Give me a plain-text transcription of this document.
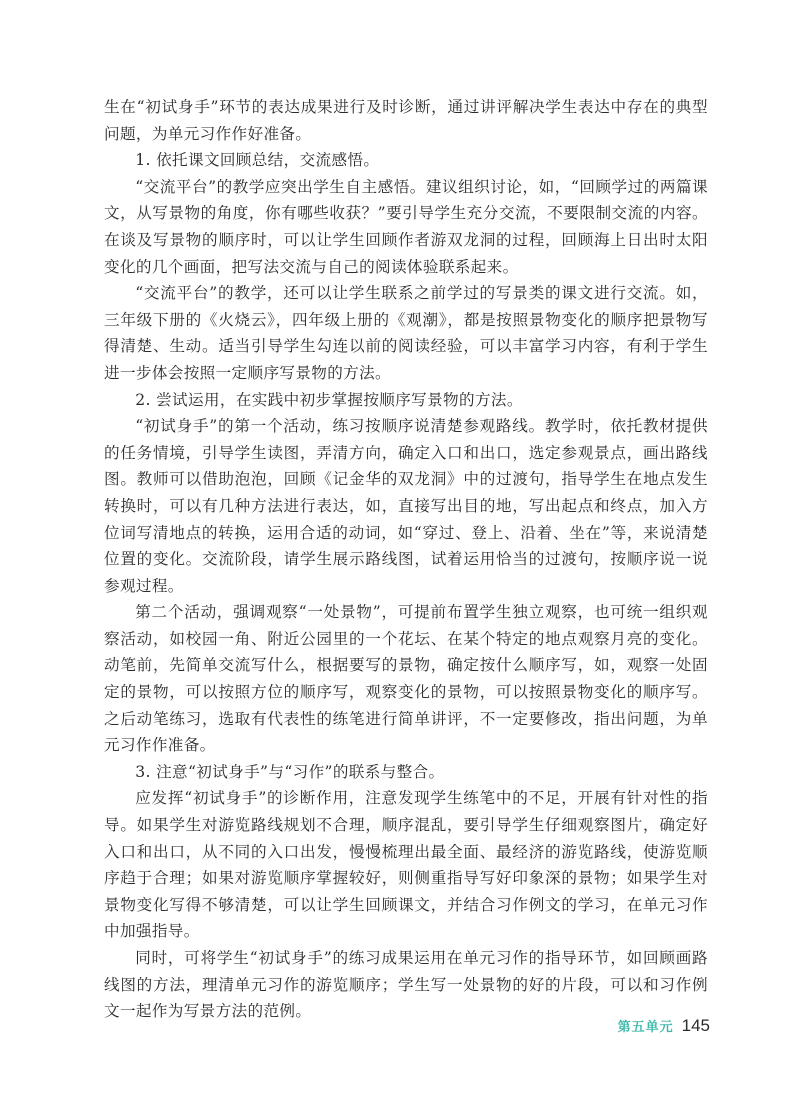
生在“初试身手”环节的表达成果进行及时诊断，通过讲评解决学生表达中存在的典型问题，为单元习作作好准备。

1. 依托课文回顾总结，交流感悟。

“交流平台”的教学应突出学生自主感悟。建议组织讨论，如，“回顾学过的两篇课文，从写景物的角度，你有哪些收获？”要引导学生充分交流，不要限制交流的内容。在谈及写景物的顺序时，可以让学生回顾作者游双龙洞的过程，回顾海上日出时太阳变化的几个画面，把写法交流与自己的阅读体验联系起来。

“交流平台”的教学，还可以让学生联系之前学过的写景类的课文进行交流。如，三年级下册的《火烧云》，四年级上册的《观潮》，都是按照景物变化的顺序把景物写得清楚、生动。适当引导学生勾连以前的阅读经验，可以丰富学习内容，有利于学生进一步体会按照一定顺序写景物的方法。

2. 尝试运用，在实践中初步掌握按顺序写景物的方法。

“初试身手”的第一个活动，练习按顺序说清楚参观路线。教学时，依托教材提供的任务情境，引导学生读图，弄清方向，确定入口和出口，选定参观景点，画出路线图。教师可以借助泡泡，回顾《记金华的双龙洞》中的过渡句，指导学生在地点发生转换时，可以有几种方法进行表达，如，直接写出目的地，写出起点和终点，加入方位词写清地点的转换，运用合适的动词，如“穿过、登上、沿着、坐在”等，来说清楚位置的变化。交流阶段，请学生展示路线图，试着运用恰当的过渡句，按顺序说一说参观过程。

第二个活动，强调观察“一处景物”，可提前布置学生独立观察，也可统一组织观察活动，如校园一角、附近公园里的一个花坛、在某个特定的地点观察月亮的变化。动笔前，先简单交流写什么，根据要写的景物，确定按什么顺序写，如，观察一处固定的景物，可以按照方位的顺序写，观察变化的景物，可以按照景物变化的顺序写。之后动笔练习，选取有代表性的练笔进行简单讲评，不一定要修改，指出问题，为单元习作作准备。

3. 注意“初试身手”与“习作”的联系与整合。

应发挥“初试身手”的诊断作用，注意发现学生练笔中的不足，开展有针对性的指导。如果学生对游览路线规划不合理，顺序混乱，要引导学生仔细观察图片，确定好入口和出口，从不同的入口出发，慢慢梳理出最全面、最经济的游览路线，使游览顺序趋于合理；如果对游览顺序掌握较好，则侧重指导写好印象深的景物；如果学生对景物变化写得不够清楚，可以让学生回顾课文，并结合习作例文的学习，在单元习作中加强指导。

同时，可将学生“初试身手”的练习成果运用在单元习作的指导环节，如回顾画路线图的方法，理清单元习作的游览顺序；学生写一处景物的好的片段，可以和习作例文一起作为写景方法的范例。

第五单元 145
